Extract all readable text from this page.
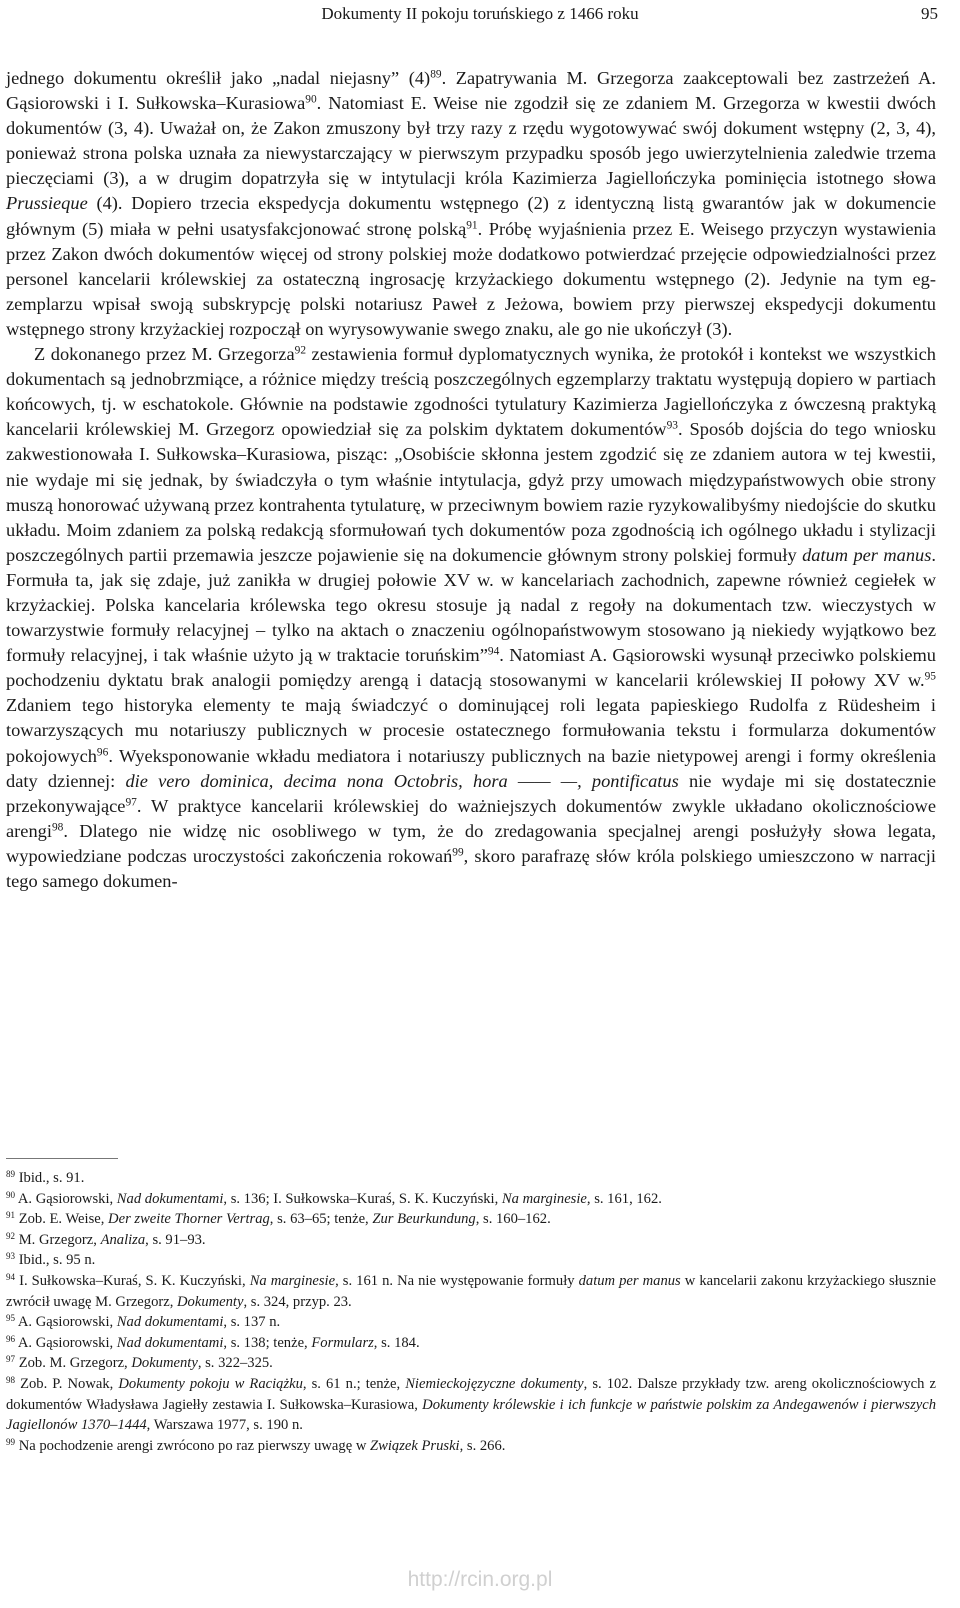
Dokumenty II pokoju toruńskiego z 1466 roku	95

jednego dokumentu określił jako „nadal niejasny” $(4)^{89}$. Zapatrywania M. Grzegorza zaakceptowali bez zastrzeżeń A. Gąsiorowski i I. Sułkowska–Kurasiowa$^{90}$. Natomiast E. Weise nie zgodził się ze zdaniem M. Grzegorza w kwestii dwóch dokumentów (3, 4). Uważał on, że Zakon zmuszony był trzy razy z rzędu wygotowywać swój dokument wstępny (2, 3, 4), ponieważ strona polska uznała za niewystarczający w pierwszym przypadku sposób jego uwierzytelnienia zaledwie trzema pieczęciami (3), a w drugim dopatrzyła się w intytulacji króla Kazimierza Jagiellończyka pominięcia istotnego słowa Prussieque (4). Dopiero trzecia ekspedycja dokumentu wstępnego (2) z identyczną listą gwarantów jak w dokumencie głównym (5) miała w pełni usatysfakcjonować stronę polską$^{91}$. Próbę wyjaśnienia przez E. Weisego przyczyn wystawienia przez Zakon dwóch dokumentów więcej od strony polskiej może dodatkowo potwierdzać przejęcie odpowiedzialności przez personel kancelarii królewskiej za ostateczną ingrosację krzyżackiego dokumentu wstępnego (2). Jedynie na tym egzemplarzu wpisał swoją subskrypcję polski notariusz Paweł z Jeżowa, bowiem przy pierwszej ekspedycji dokumentu wstępnego strony krzyżackiej rozpoczął on wyrysowywanie swego znaku, ale go nie ukończył (3).

Z dokonanego przez M. Grzegorza$^{92}$ zestawienia formuł dyplomatycznych wynika, że protokół i kontekst we wszystkich dokumentach są jednobrzmiące, a różnice między treścią poszczególnych egzemplarzy traktatu występują dopiero w partiach końcowych, tj. w eschatokole. Głównie na podstawie zgodności tytulatury Kazimierza Jagiellończyka z ówczesną praktyką kancelarii królewskiej M. Grzegorz opowiedział się za polskim dyktatem dokumentów$^{93}$. Sposób dojścia do tego wniosku zakwestionowała I. Sułkowska–Kurasiowa, pisząc: „Osobiście skłonna jestem zgodzić się ze zdaniem autora w tej kwestii, nie wydaje mi się jednak, by świadczyła o tym właśnie intytulacja, gdyż przy umowach międzypaństwowych obie strony muszą honorować używaną przez kontrahenta tytulaturę, w przeciwnym bowiem razie ryzykowalibyśmy niedojście do skutku układu. Moim zdaniem za polską redakcją sformułowań tych dokumentów poza zgodnością ich ogólnego układu i stylizacji poszczególnych partii przemawia jeszcze pojawienie się na dokumencie głównym strony polskiej formuły datum per manus. Formuła ta, jak się zdaje, już zanikła w drugiej połowie XV w. w kancelariach zachodnich, zapewne również cegiełek w krzyżackiej. Polska kancelaria królewska tego okresu stosuje ją nadal z regoły na dokumentach tzw. wieczystych w towarzystwie formuły relacyjnej – tylko na aktach o znaczeniu ogólnopaństwowym stosowano ją niekiedy wyjątkowo bez formuły relacyjnej, i tak właśnie użyto ją w traktacie toruńskim”$^{94}$. Natomiast A. Gąsiorowski wysunął przeciwko polskiemu pochodzeniu dyktatu brak analogii pomiędzy arengą i datacją stosowanymi w kancelarii królewskiej II połowy XV w.$^{95}$ Zdaniem tego historyka elementy te mają świadczyć o dominującej roli legata papieskiego Rudolfa z Rüdesheim i towarzyszących mu notariuszy publicznych w procesie ostatecznego formułowania tekstu i formularza dokumentów pokojowych$^{96}$. Wyeksponowanie wkładu mediatora i notariuszy publicznych na bazie nietypowej arengi i formy określenia daty dziennej: die vero dominica, decima nona Octobris, hora —— —, pontificatus nie wydaje mi się dostatecznie przekonywające$^{97}$. W praktyce kancelarii królewskiej do ważniejszych dokumentów zwykle układano okolicznościowe arengi$^{98}$. Dlatego nie widzę nic osobliwego w tym, że do zredagowania specjalnej arengi posłużyły słowa legata, wypowiedziane podczas uroczystości zakończenia rokowań$^{99}$, skoro parafrazę słów króla polskiego umieszczono w narracji tego samego dokumen-

$^{89}$ Ibid., s. 91.

$^{90}$ A. Gąsiorowski, Nad dokumentami, s. 136; I. Sułkowska–Kuraś, S. K. Kuczyński, Na marginesie, s. 161, 162.

$^{91}$ Zob. E. Weise, Der zweite Thorner Vertrag, s. 63–65; tenże, Zur Beurkundung, s. 160–162.

$^{92}$ M. Grzegorz, Analiza, s. 91–93.

$^{93}$ Ibid., s. 95 n.

$^{94}$ I. Sułkowska–Kuraś, S. K. Kuczyński, Na marginesie, s. 161 n. Na nie występowanie formuły datum per manus w kancelarii zakonu krzyżackiego słusznie zwrócił uwagę M. Grzegorz, Dokumenty, s. 324, przyp. 23.

$^{95}$ A. Gąsiorowski, Nad dokumentami, s. 137 n.

$^{96}$ A. Gąsiorowski, Nad dokumentami, s. 138; tenże, Formularz, s. 184.

$^{97}$ Zob. M. Grzegorz, Dokumenty, s. 322–325.

$^{98}$ Zob. P. Nowak, Dokumenty pokoju w Raciążku, s. 61 n.; tenże, Niemieckojęzyczne dokumenty, s. 102. Dalsze przykłady tzw. areng okolicznościowych z dokumentów Władysława Jagiełły zestawia I. Sułkowska–Kurasiowa, Dokumenty królewskie i ich funkcje w państwie polskim za Andegawenów i pierwszych Jagiellonów 1370–1444, Warszawa 1977, s. 190 n.

$^{99}$ Na pochodzenie arengi zwrócono po raz pierwszy uwagę w Związek Pruski, s. 266.

http://rcin.org.pl
